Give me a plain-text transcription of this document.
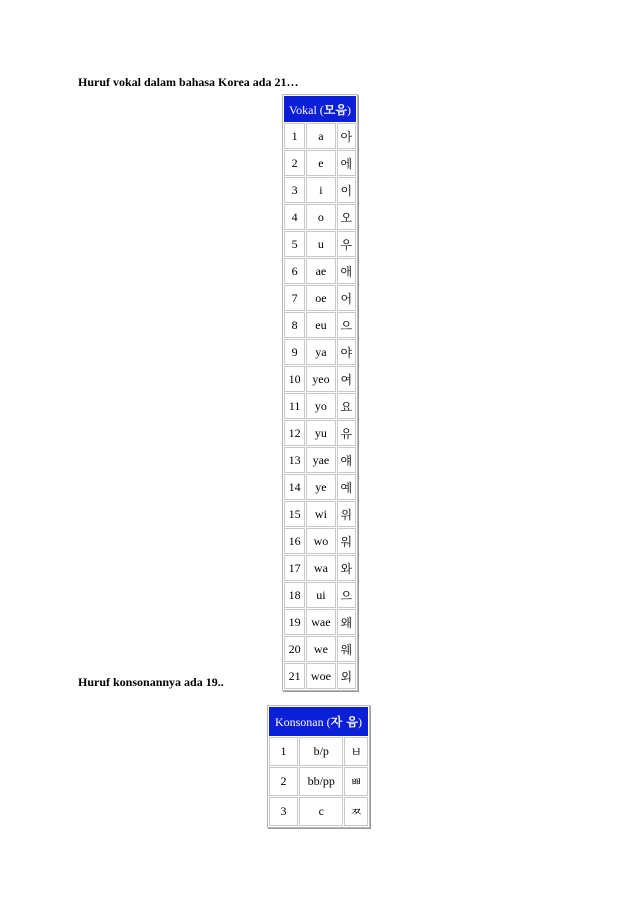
Huruf vokal dalam bahasa Korea ada 21…

Vokal (모음)		
1	a	아
2	e	에
3	i	이
4	o	오
5	u	우
6	ae	애
7	oe	어
8	eu	으
9	ya	야
10	yeo	여
11	yo	요
12	yu	유
13	yae	얘
14	ye	예
15	wi	위
16	wo	워
17	wa	와
18	ui	으
19	wae	왜
20	we	웨
21	woe	외

Huruf konsonannya ada 19..

Konsonan (자 음)		
1	b/p	ㅂ
2	bb/pp	ㅃ
3	c	ㅉ
